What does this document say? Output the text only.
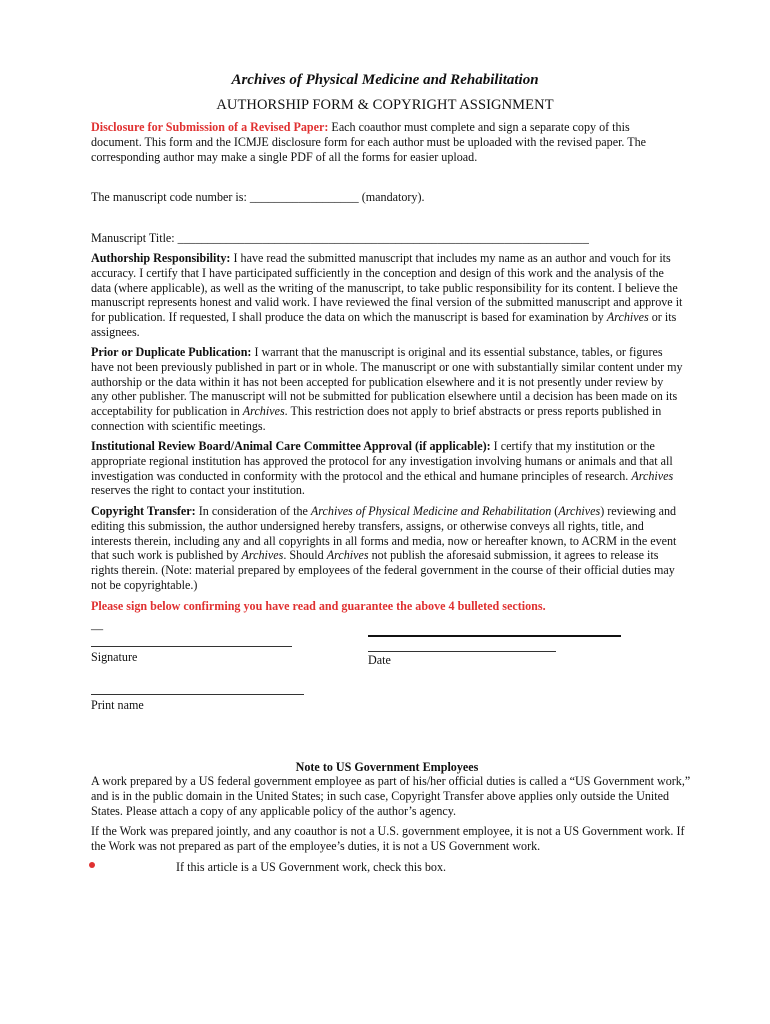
Archives of Physical Medicine and Rehabilitation
AUTHORSHIP FORM & COPYRIGHT ASSIGNMENT
Disclosure for Submission of a Revised Paper: Each coauthor must complete and sign a separate copy of this document. This form and the ICMJE disclosure form for each author must be uploaded with the revised paper. The corresponding author may make a single PDF of all the forms for easier upload.
The manuscript code number is: __________________ (mandatory).
Manuscript Title: ____________________________________________________________________
Authorship Responsibility: I have read the submitted manuscript that includes my name as an author and vouch for its accuracy. I certify that I have participated sufficiently in the conception and design of this work and the analysis of the data (where applicable), as well as the writing of the manuscript, to take public responsibility for its content. I believe the manuscript represents honest and valid work. I have reviewed the final version of the submitted manuscript and approve it for publication. If requested, I shall produce the data on which the manuscript is based for examination by Archives or its assignees.
Prior or Duplicate Publication: I warrant that the manuscript is original and its essential substance, tables, or figures have not been previously published in part or in whole. The manuscript or one with substantially similar content under my authorship or the data within it has not been accepted for publication elsewhere and it is not presently under review by any other publisher. The manuscript will not be submitted for publication elsewhere until a decision has been made on its acceptability for publication in Archives. This restriction does not apply to brief abstracts or press reports published in connection with scientific meetings.
Institutional Review Board/Animal Care Committee Approval (if applicable): I certify that my institution or the appropriate regional institution has approved the protocol for any investigation involving humans or animals and that all investigation was conducted in conformity with the protocol and the ethical and humane principles of research. Archives reserves the right to contact your institution.
Copyright Transfer: In consideration of the Archives of Physical Medicine and Rehabilitation (Archives) reviewing and editing this submission, the author undersigned hereby transfers, assigns, or otherwise conveys all rights, title, and interests therein, including any and all copyrights in all forms and media, now or hereafter known, to ACRM in the event that such work is published by Archives. Should Archives not publish the aforesaid submission, it agrees to release its rights therein. (Note: material prepared by employees of the federal government in the course of their official duties may not be copyrightable.)
Please sign below confirming you have read and guarantee the above 4 bulleted sections.
—
Signature	Date
Print name
Note to US Government Employees
A work prepared by a US federal government employee as part of his/her official duties is called a “US Government work,” and is in the public domain in the United States; in such case, Copyright Transfer above applies only outside the United States. Please attach a copy of any applicable policy of the author’s agency.
If the Work was prepared jointly, and any coauthor is not a U.S. government employee, it is not a US Government work. If the Work was not prepared as part of the employee’s duties, it is not a US Government work.
If this article is a US Government work, check this box.
